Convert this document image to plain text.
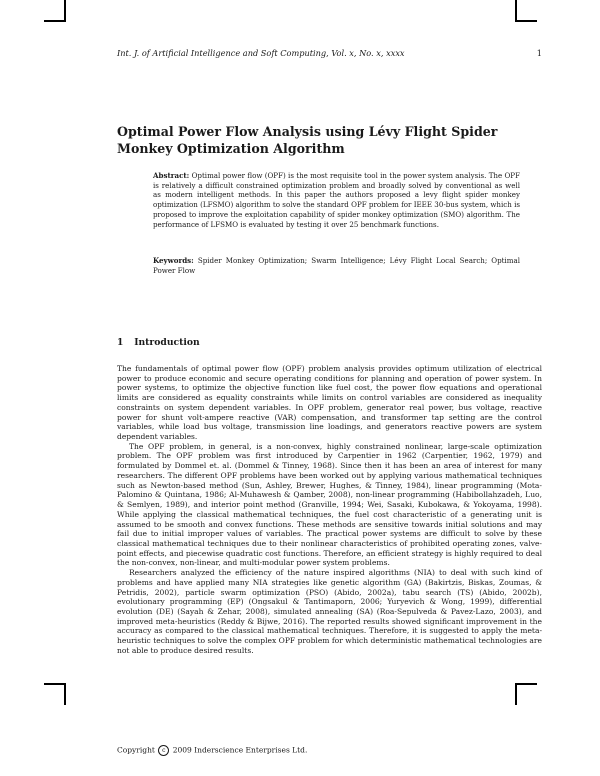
Int. J. of Artificial Intelligence and Soft Computing, Vol. x, No. x, xxxx	1
Optimal Power Flow Analysis using Lévy Flight Spider Monkey Optimization Algorithm
Abstract: Optimal power flow (OPF) is the most requisite tool in the power system analysis. The OPF is relatively a difficult constrained optimization problem and broadly solved by conventional as well as modern intelligent methods. In this paper the authors proposed a levy flight spider monkey optimization (LFSMO) algorithm to solve the standard OPF problem for IEEE 30-bus system, which is proposed to improve the exploitation capability of spider monkey optimization (SMO) algorithm. The performance of LFSMO is evaluated by testing it over 25 benchmark functions.
Keywords: Spider Monkey Optimization; Swarm Intelligence; Lévy Flight Local Search; Optimal Power Flow
1 Introduction

The fundamentals of optimal power flow (OPF) problem analysis provides optimum utilization of electrical power to produce economic and secure operating conditions for planning and operation of power system. In power systems, to optimize the objective function like fuel cost, the power flow equations and operational limits are considered as equality constraints while limits on control variables are considered as inequality constraints on system dependent variables. In OPF problem, generator real power, bus voltage, reactive power for shunt volt-ampere reactive (VAR) compensation, and transformer tap setting are the control variables, while load bus voltage, transmission line loadings, and generators reactive powers are system dependent variables.

The OPF problem, in general, is a non-convex, highly constrained nonlinear, large-scale optimization problem. The OPF problem was first introduced by Carpentier in 1962 (Carpentier, 1962, 1979) and formulated by Dommel et. al. (Dommel & Tinney, 1968). Since then it has been an area of interest for many researchers. The different OPF problems have been worked out by applying various mathematical techniques such as Newton-based method (Sun, Ashley, Brewer, Hughes, & Tinney, 1984), linear programming (Mota-Palomino & Quintana, 1986; Al-Muhawesh & Qamber, 2008), non-linear programming (Habibollahzadeh, Luo, & Semlyen, 1989), and interior point method (Granville, 1994; Wei, Sasaki, Kubokawa, & Yokoyama, 1998). While applying the classical mathematical techniques, the fuel cost characteristic of a generating unit is assumed to be smooth and convex functions. These methods are sensitive towards initial solutions and may fail due to initial improper values of variables. The practical power systems are difficult to solve by these classical mathematical techniques due to their nonlinear characteristics of prohibited operating zones, valve-point effects, and piecewise quadratic cost functions. Therefore, an efficient strategy is highly required to deal the non-convex, non-linear, and multi-modular power system problems.

Researchers analyzed the efficiency of the nature inspired algorithms (NIA) to deal with such kind of problems and have applied many NIA strategies like genetic algorithm (GA) (Bakirtzis, Biskas, Zoumas, & Petridis, 2002), particle swarm optimization (PSO) (Abido, 2002a), tabu search (TS) (Abido, 2002b), evolutionary programming (EP) (Ongsakul & Tantimaporn, 2006; Yuryevich & Wong, 1999), differential evolution (DE) (Sayah & Zehar, 2008), simulated annealing (SA) (Roa-Sepulveda & Pavez-Lazo, 2003), and improved meta-heuristics (Reddy & Bijwe, 2016). The reported results showed significant improvement in the accuracy as compared to the classical mathematical techniques. Therefore, it is suggested to apply the meta-heuristic techniques to solve the complex OPF problem for which deterministic mathematical technologies are not able to produce desired results.

Copyright c 2009 Inderscience Enterprises Ltd.
